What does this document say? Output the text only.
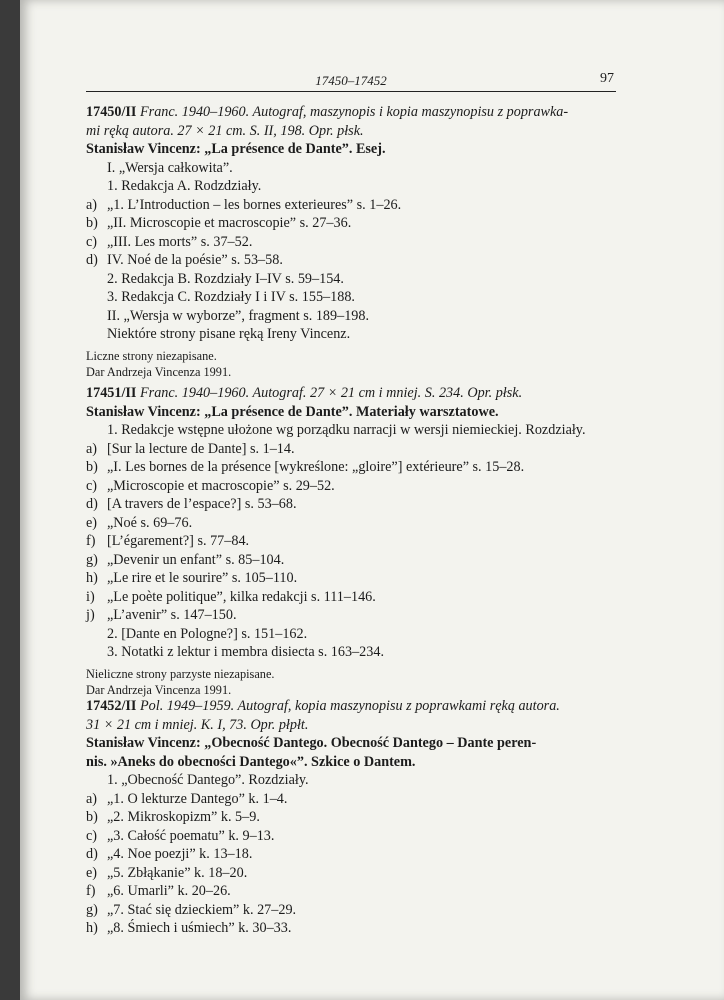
17450–17452	97
17450/II Franc. 1940–1960. Autograf, maszynopis i kopia maszynopisu z poprawka-
mi ręką autora. 27 × 21 cm. S. II, 198. Opr. płsk.
Stanisław Vincenz: „La présence de Dante”. Esej.
I. „Wersja całkowita”.
1. Redakcja A. Rodzdziały.
a) „1. L’Introduction – les bornes exterieures” s. 1–26.
b) „II. Microscopie et macroscopie” s. 27–36.
c) „III. Les morts” s. 37–52.
d) IV. Noé de la poésie” s. 53–58.
2. Redakcja B. Rozdziały I–IV s. 59–154.
3. Redakcja C. Rozdziały I i IV s. 155–188.
II. „Wersja w wyborze”, fragment s. 189–198.
Niektóre strony pisane ręką Ireny Vincenz.
Liczne strony niezapisane.
Dar Andrzeja Vincenza 1991.
17451/II Franc. 1940–1960. Autograf. 27 × 21 cm i mniej. S. 234. Opr. płsk.
Stanisław Vincenz: „La présence de Dante”. Materiały warsztatowe.
1. Redakcje wstępne ułożone wg porządku narracji w wersji niemieckiej. Rozdziały.
a) [Sur la lecture de Dante] s. 1–14.
b) „I. Les bornes de la présence [wykreślone: „gloire”] extérieure” s. 15–28.
c) „Microscopie et macroscopie” s. 29–52.
d) [A travers de l’espace?] s. 53–68.
e) „Noé s. 69–76.
f) [L’égarement?] s. 77–84.
g) „Devenir un enfant” s. 85–104.
h) „Le rire et le sourire” s. 105–110.
i) „Le poète politique”, kilka redakcji s. 111–146.
j) „L’avenir” s. 147–150.
2. [Dante en Pologne?] s. 151–162.
3. Notatki z lektur i membra disiecta s. 163–234.
Nieliczne strony parzyste niezapisane.
Dar Andrzeja Vincenza 1991.
17452/II Pol. 1949–1959. Autograf, kopia maszynopisu z poprawkami ręką autora.
31 × 21 cm i mniej. K. I, 73. Opr. płpłt.
Stanisław Vincenz: „Obecność Dantego. Obecność Dantego – Dante peren-
nis. »Aneks do obecności Dantego«”. Szkice o Dantem.
1. „Obecność Dantego”. Rozdziały.
a) „1. O lekturze Dantego” k. 1–4.
b) „2. Mikroskopizm” k. 5–9.
c) „3. Całość poematu” k. 9–13.
d) „4. Noe poezji” k. 13–18.
e) „5. Zbłąkanie” k. 18–20.
f) „6. Umarli” k. 20–26.
g) „7. Stać się dzieckiem” k. 27–29.
h) „8. Śmiech i uśmiech” k. 30–33.
